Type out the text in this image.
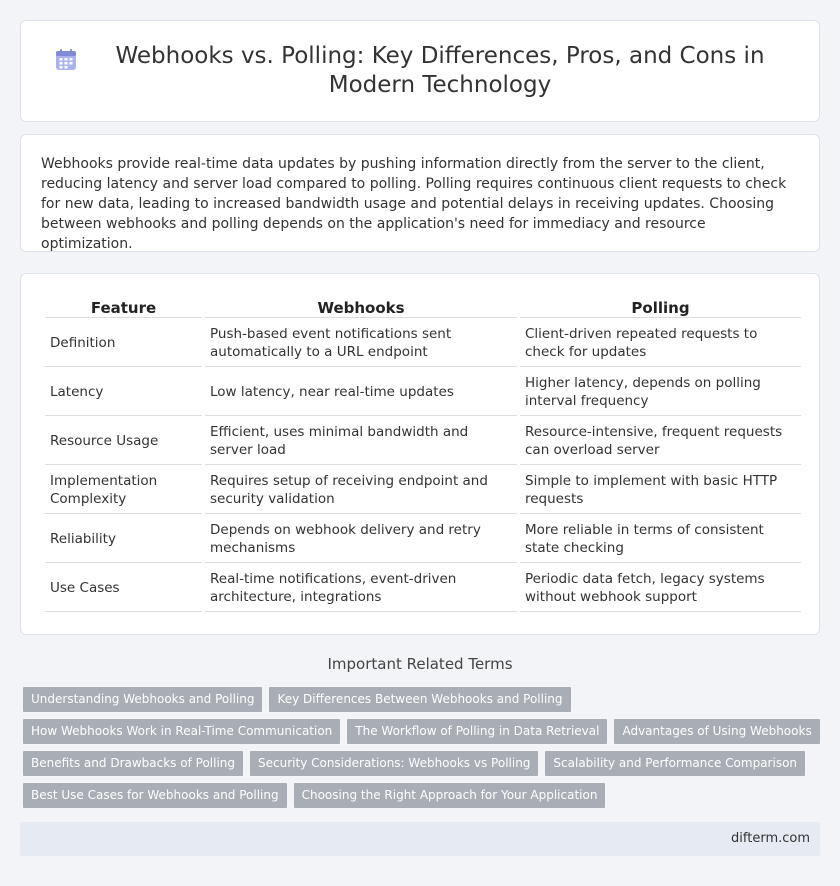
Webhooks vs. Polling: Key Differences, Pros, and Cons in Modern Technology

Webhooks provide real-time data updates by pushing information directly from the server to the client, reducing latency and server load compared to polling. Polling requires continuous client requests to check for new data, leading to increased bandwidth usage and potential delays in receiving updates. Choosing between webhooks and polling depends on the application's need for immediacy and resource optimization.

Feature	Webhooks	Polling
Definition	Push-based event notifications sent automatically to a URL endpoint	Client-driven repeated requests to check for updates
Latency	Low latency, near real-time updates	Higher latency, depends on polling interval frequency
Resource Usage	Efficient, uses minimal bandwidth and server load	Resource-intensive, frequent requests can overload server
Implementation Complexity	Requires setup of receiving endpoint and security validation	Simple to implement with basic HTTP requests
Reliability	Depends on webhook delivery and retry mechanisms	More reliable in terms of consistent state checking
Use Cases	Real-time notifications, event-driven architecture, integrations	Periodic data fetch, legacy systems without webhook support
Important Related Terms
Understanding Webhooks and Polling	Key Differences Between Webhooks and Polling
How Webhooks Work in Real-Time Communication	The Workflow of Polling in Data Retrieval	Advantages of Using Webhooks
Benefits and Drawbacks of Polling	Security Considerations: Webhooks vs Polling	Scalability and Performance Comparison
Best Use Cases for Webhooks and Polling	Choosing the Right Approach for Your Application
difterm.com
